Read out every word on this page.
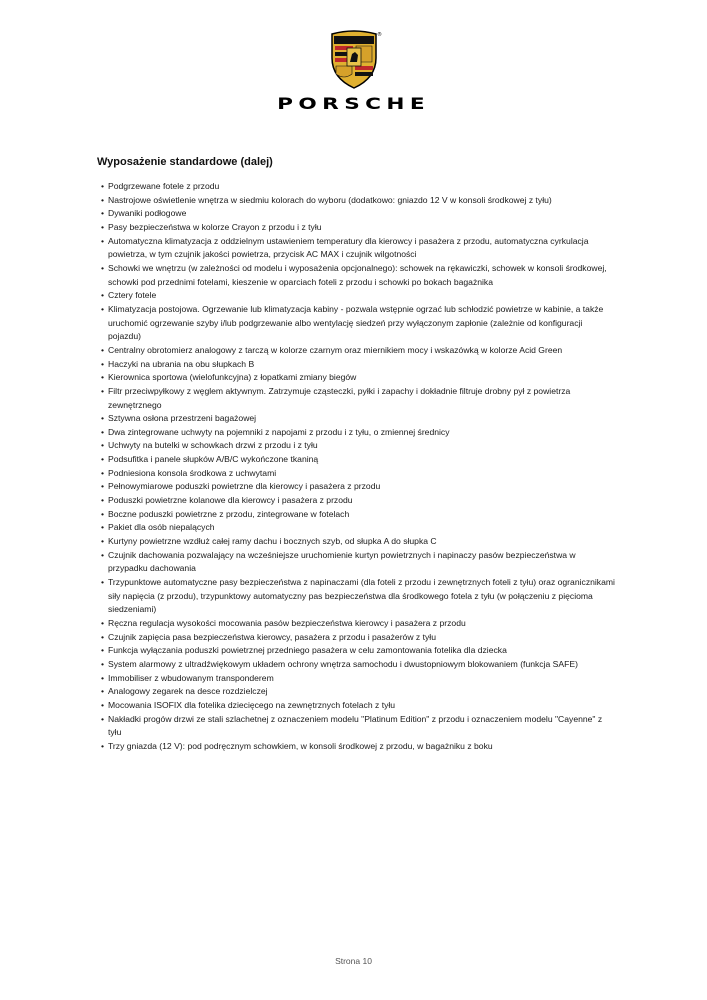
®
PORSCHE
Wyposażenie standardowe (dalej)
• Podgrzewane fotele z przodu
• Nastrojowe oświetlenie wnętrza w siedmiu kolorach do wyboru (dodatkowo: gniazdo 12 V w konsoli środkowej z tyłu)
• Dywaniki podłogowe
• Pasy bezpieczeństwa w kolorze Crayon z przodu i z tyłu
• Automatyczna klimatyzacja z oddzielnym ustawieniem temperatury dla kierowcy i pasażera z przodu, automatyczna cyrkulacja powietrza, w tym czujnik jakości powietrza, przycisk AC MAX i czujnik wilgotności
• Schowki we wnętrzu (w zależności od modelu i wyposażenia opcjonalnego): schowek na rękawiczki, schowek w konsoli środkowej, schowki pod przednimi fotelami, kieszenie w oparciach foteli z przodu i schowki po bokach bagażnika
• Cztery fotele
• Klimatyzacja postojowa. Ogrzewanie lub klimatyzacja kabiny - pozwala wstępnie ogrzać lub schłodzić powietrze w kabinie, a także uruchomić ogrzewanie szyby i/lub podgrzewanie albo wentylację siedzeń przy wyłączonym zapłonie (zależnie od konfiguracji pojazdu)
• Centralny obrotomierz analogowy z tarczą w kolorze czarnym oraz miernikiem mocy i wskazówką w kolorze Acid Green
• Haczyki na ubrania na obu słupkach B
• Kierownica sportowa (wielofunkcyjna) z łopatkami zmiany biegów
• Filtr przeciwpyłkowy z węglem aktywnym. Zatrzymuje cząsteczki, pyłki i zapachy i dokładnie filtruje drobny pył z powietrza zewnętrznego
• Sztywna osłona przestrzeni bagażowej
• Dwa zintegrowane uchwyty na pojemniki z napojami z przodu i z tyłu, o zmiennej średnicy
• Uchwyty na butelki w schowkach drzwi z przodu i z tyłu
• Podsufitka i panele słupków A/B/C wykończone tkaniną
• Podniesiona konsola środkowa z uchwytami
• Pełnowymiarowe poduszki powietrzne dla kierowcy i pasażera z przodu
• Poduszki powietrzne kolanowe dla kierowcy i pasażera z przodu
• Boczne poduszki powietrzne z przodu, zintegrowane w fotelach
• Pakiet dla osób niepalących
• Kurtyny powietrzne wzdłuż całej ramy dachu i bocznych szyb, od słupka A do słupka C
• Czujnik dachowania pozwalający na wcześniejsze uruchomienie kurtyn powietrznych i napinaczy pasów bezpieczeństwa w przypadku dachowania
• Trzypunktowe automatyczne pasy bezpieczeństwa z napinaczami (dla foteli z przodu i zewnętrznych foteli z tyłu) oraz ogranicznikami siły napięcia (z przodu), trzypunktowy automatyczny pas bezpieczeństwa dla środkowego fotela z tyłu (w połączeniu z pięcioma siedzeniami)
• Ręczna regulacja wysokości mocowania pasów bezpieczeństwa kierowcy i pasażera z przodu
• Czujnik zapięcia pasa bezpieczeństwa kierowcy, pasażera z przodu i pasażerów z tyłu
• Funkcja wyłączania poduszki powietrznej przedniego pasażera w celu zamontowania fotelika dla dziecka
• System alarmowy z ultradźwiękowym układem ochrony wnętrza samochodu i dwustopniowym blokowaniem (funkcja SAFE)
• Immobiliser z wbudowanym transponderem
• Analogowy zegarek na desce rozdzielczej
• Mocowania ISOFIX dla fotelika dziecięcego na zewnętrznych fotelach z tyłu
• Nakładki progów drzwi ze stali szlachetnej z oznaczeniem modelu "Platinum Edition" z przodu i oznaczeniem modelu "Cayenne" z tyłu
• Trzy gniazda (12 V): pod podręcznym schowkiem, w konsoli środkowej z przodu, w bagażniku z boku
Strona 10
